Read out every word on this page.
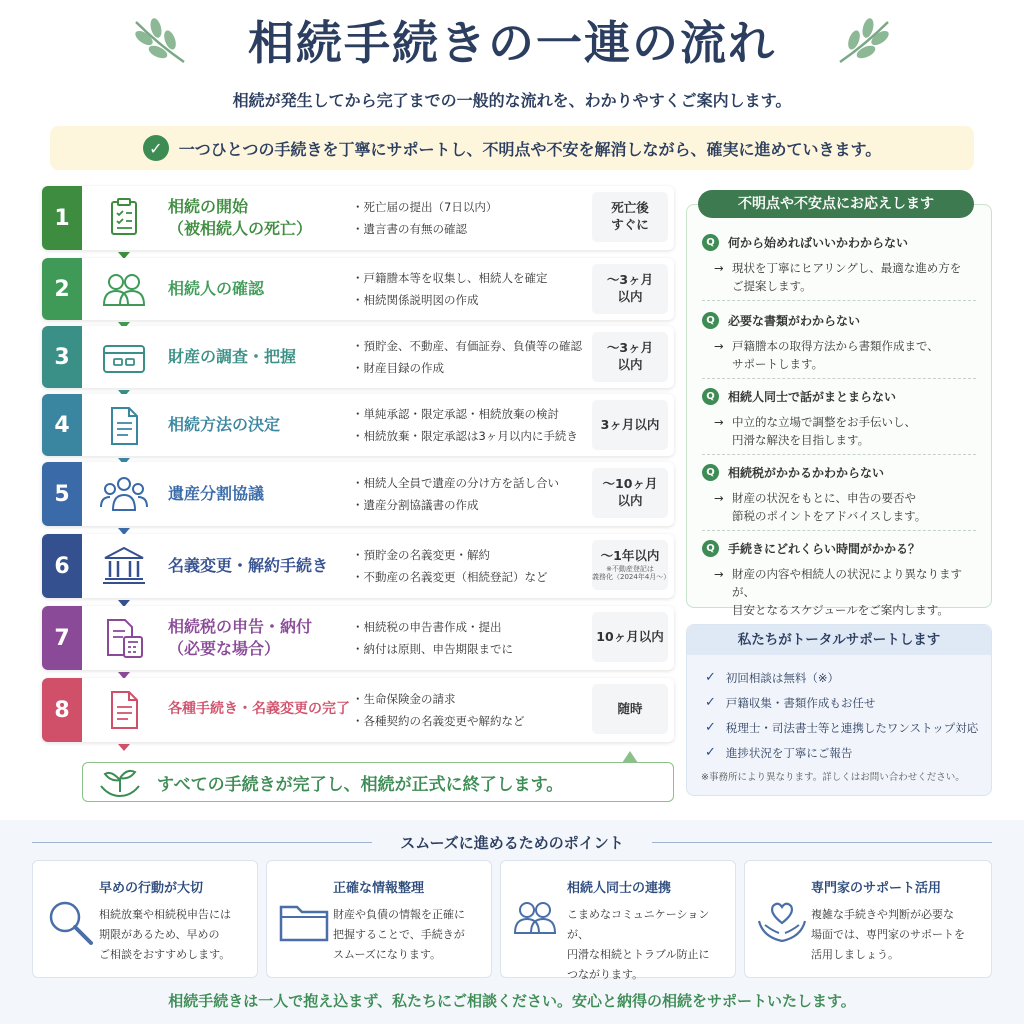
相続手続きの一連の流れ
相続が発生してから完了までの一般的な流れを、わかりやすくご案内します。
✓	一つひとつの手続きを丁寧にサポートし、不明点や不安を解消しながら、確実に進めていきます。
1	相続の開始
（被相続人の死亡）
・死亡届の提出（7日以内）
・遺言書の有無の確認
死亡後
すぐに
2	相続人の確認
・戸籍謄本等を収集し、相続人を確定
・相続関係説明図の作成
〜3ヶ月
以内
3	財産の調査・把握
・預貯金、不動産、有価証券、負債等の確認
・財産目録の作成
〜3ヶ月
以内
4	相続方法の決定
・単純承認・限定承認・相続放棄の検討
・相続放棄・限定承認は3ヶ月以内に手続き
3ヶ月以内
5	遺産分割協議
・相続人全員で遺産の分け方を話し合い
・遺産分割協議書の作成
〜10ヶ月
以内
6	名義変更・解約手続き
・預貯金の名義変更・解約
・不動産の名義変更（相続登記）など
〜1年以内
※不動産登記は
義務化（2024年4月〜）
7	相続税の申告・納付
（必要な場合）
・相続税の申告書作成・提出
・納付は原則、申告期限までに
10ヶ月以内
8	各種手続き・名義変更の完了
・生命保険金の請求
・各種契約の名義変更や解約など
随時
すべての手続きが完了し、相続が正式に終了します。
不明点や不安点にお応えします
Q	何から始めればいいかわからない
→ 現状を丁寧にヒアリングし、最適な進め方を
ご提案します。
Q	必要な書類がわからない
→ 戸籍謄本の取得方法から書類作成まで、
サポートします。
Q	相続人同士で話がまとまらない
→ 中立的な立場で調整をお手伝いし、
円滑な解決を目指します。
Q	相続税がかかるかわからない
→ 財産の状況をもとに、申告の要否や
節税のポイントをアドバイスします。
Q	手続きにどれくらい時間がかかる？
→ 財産の内容や相続人の状況により異なりますが、
目安となるスケジュールをご案内します。
私たちがトータルサポートします
✓ 初回相談は無料（※）
✓ 戸籍収集・書類作成もお任せ
✓ 税理士・司法書士等と連携したワンストップ対応
✓ 進捗状況を丁寧にご報告
※事務所により異なります。詳しくはお問い合わせください。
スムーズに進めるためのポイント
早めの行動が大切
相続放棄や相続税申告には
期限があるため、早めの
ご相談をおすすめします。
正確な情報整理
財産や負債の情報を正確に
把握することで、手続きが
スムーズになります。
相続人同士の連携
こまめなコミュニケーションが、
円滑な相続とトラブル防止に
つながります。
専門家のサポート活用
複雑な手続きや判断が必要な
場面では、専門家のサポートを
活用しましょう。
相続手続きは一人で抱え込まず、私たちにご相談ください。安心と納得の相続をサポートいたします。
